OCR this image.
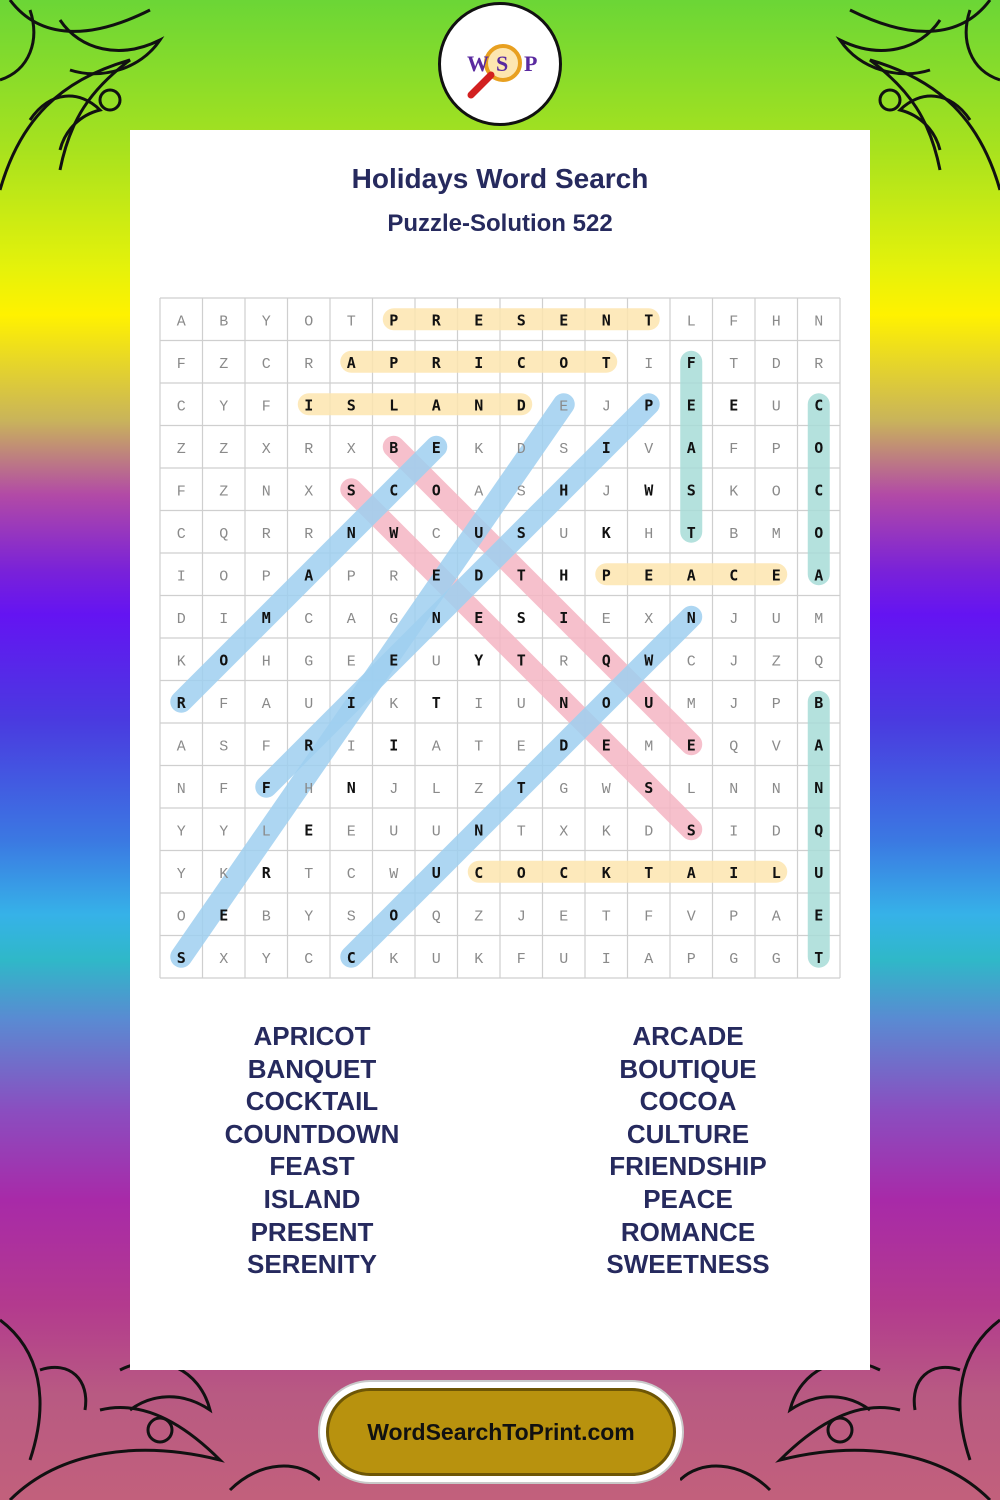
W S P
Holidays Word Search
Puzzle-Solution 522
A B Y O T P R E S E N T L F H N
F Z C R A P R I C O T I F T D R
C Y F I S L A N D E J P E E U C
Z Z X R X B E K D S I V A F P O
F Z N X S C O A S H J W S K O C
C Q R R N W C U S U K H T B M O
I O P A P R E D T H P E A C E A
D I M C A G N E S I E X N J U M
K O H G E E U Y T R Q W C J Z Q
R F A U I K T I U N O U M J P B
A S F R I I A T E D E M E Q V A
N F F H N J L Z T G W S L N N N
Y Y L E E U U N T X K D S I D Q
Y K R T C W U C O C K T A I L U
O E B Y S O Q Z J E T F V P A E
S X Y C C K U K F U I A P G G T
APRICOT
BANQUET
COCKTAIL
COUNTDOWN
FEAST
ISLAND
PRESENT
SERENITY
ARCADE
BOUTIQUE
COCOA
CULTURE
FRIENDSHIP
PEACE
ROMANCE
SWEETNESS
WordSearchToPrint.com
